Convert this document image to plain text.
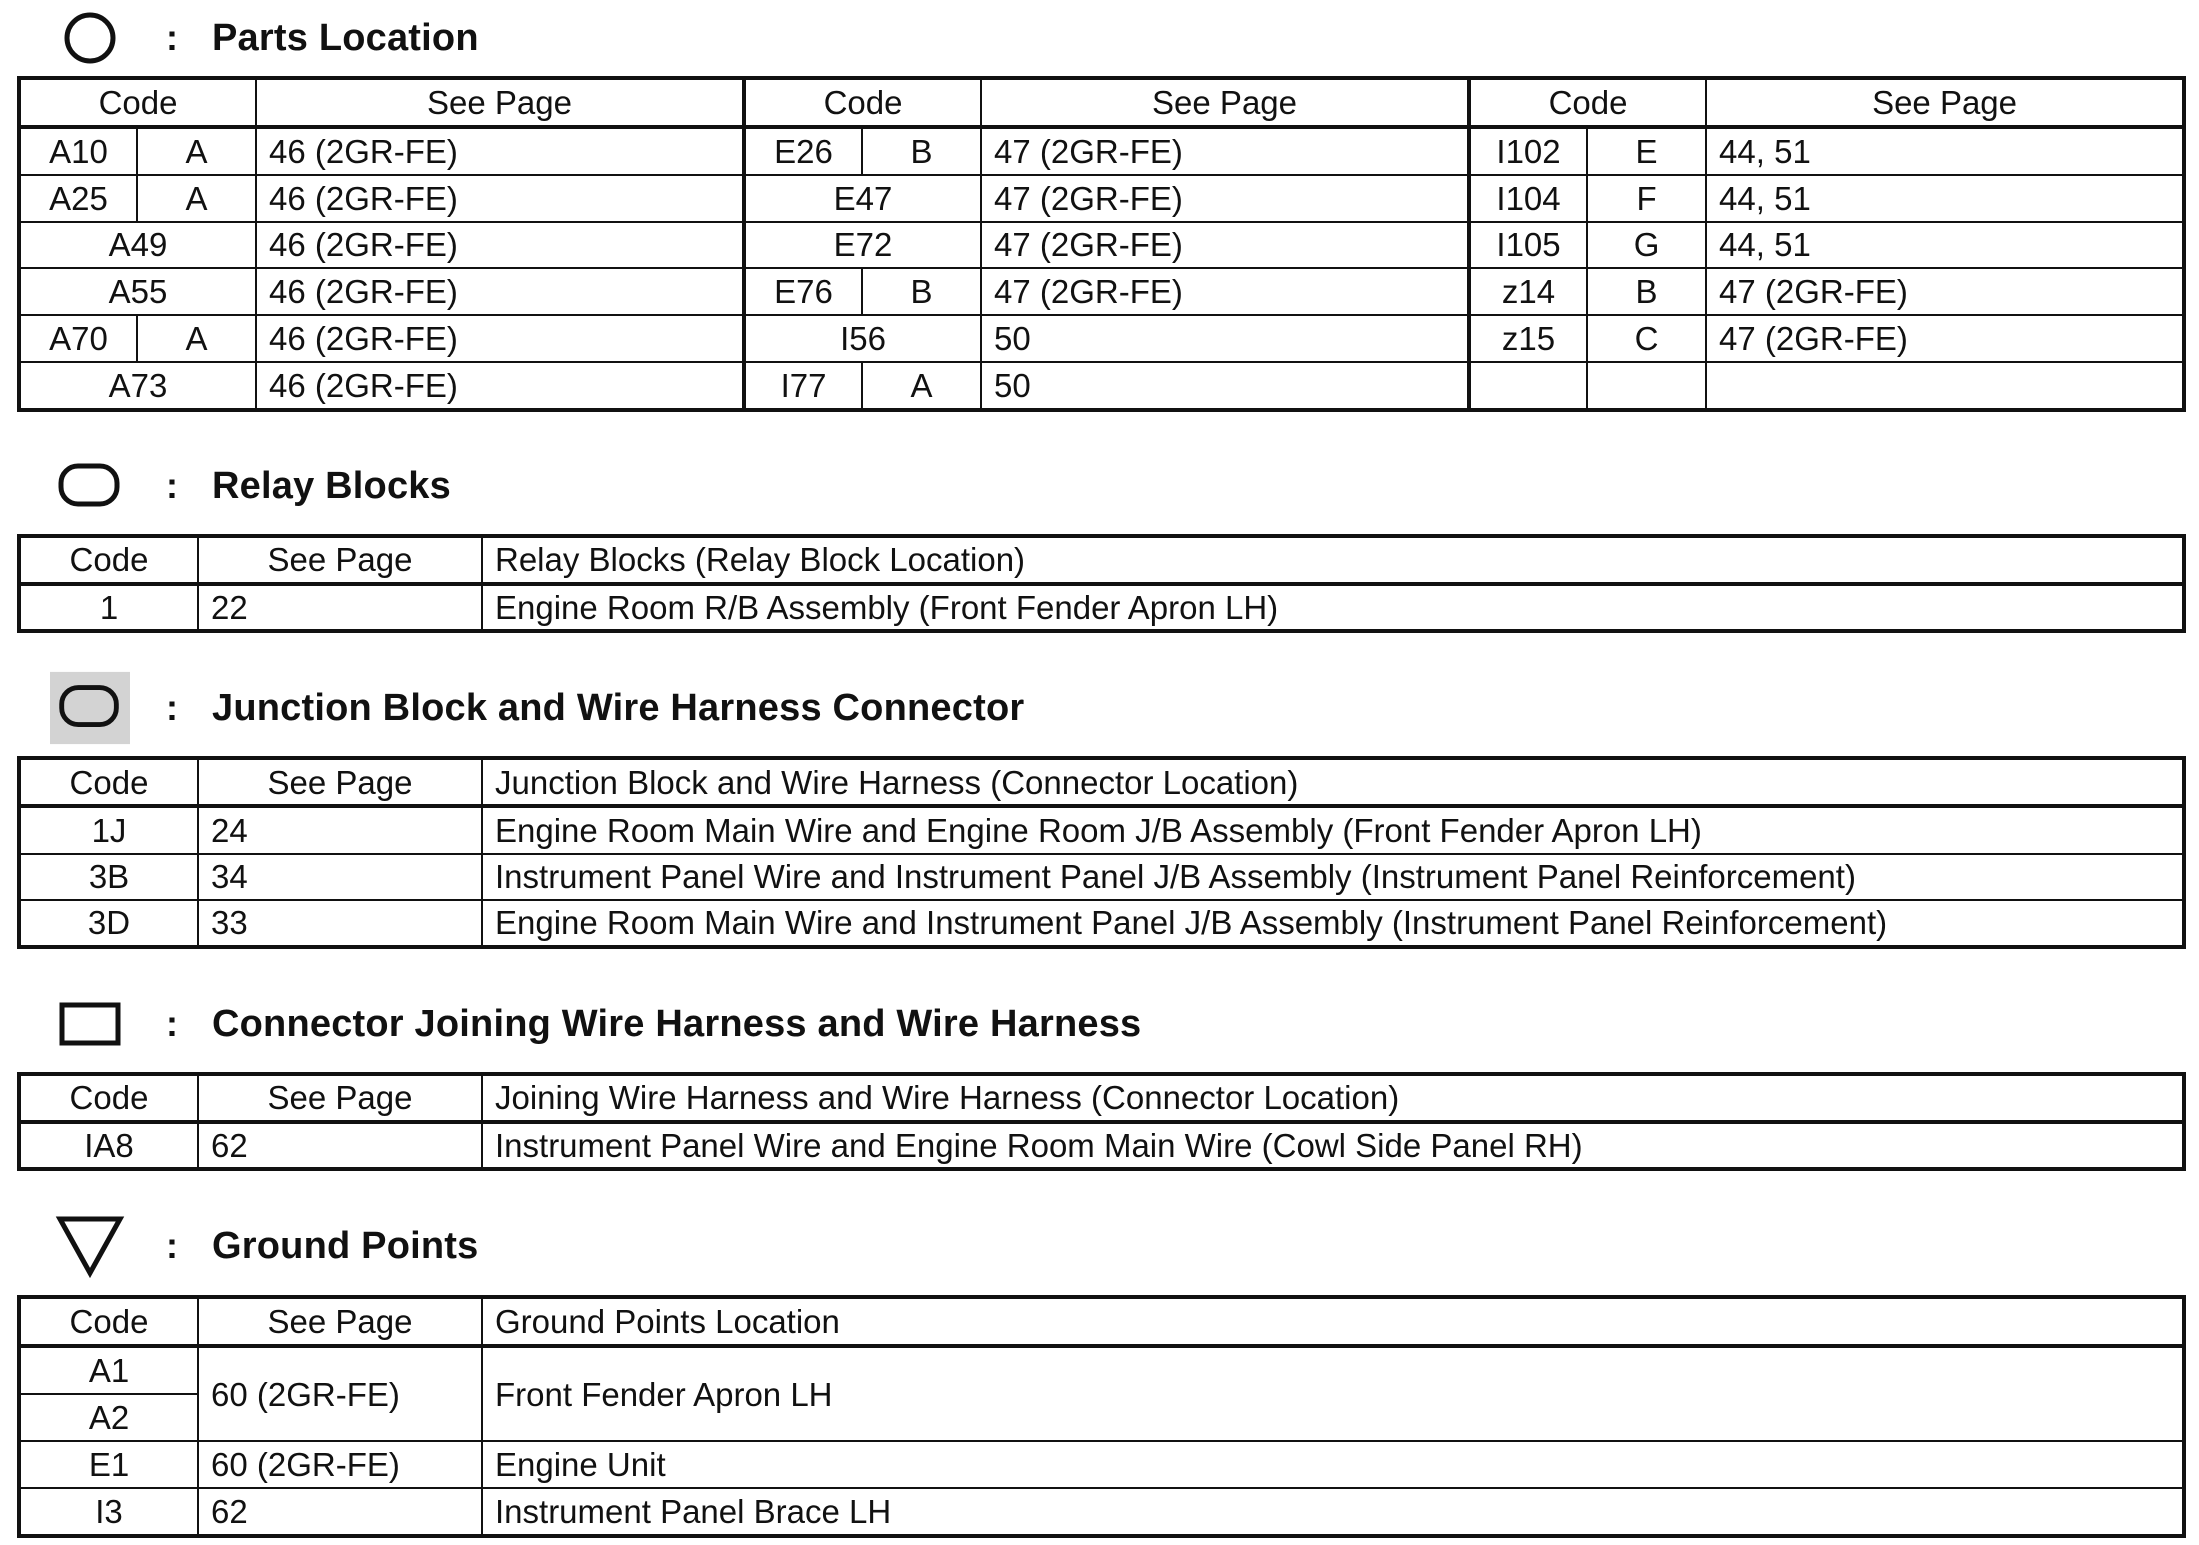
: Parts Location
Code		See Page	Code		See Page	Code		See Page
A10	A	46 (2GR-FE)	E26	B	47 (2GR-FE)	I102	E	44, 51
A25	A	46 (2GR-FE)	E47		47 (2GR-FE)	I104	F	44, 51
A49		46 (2GR-FE)	E72		47 (2GR-FE)	I105	G	44, 51
A55		46 (2GR-FE)	E76	B	47 (2GR-FE)	z14	B	47 (2GR-FE)
A70	A	46 (2GR-FE)	I56		50	z15	C	47 (2GR-FE)
A73		46 (2GR-FE)	I77	A	50			
: Relay Blocks
Code	See Page	Relay Blocks (Relay Block Location)
1	22	Engine Room R/B Assembly (Front Fender Apron LH)
: Junction Block and Wire Harness Connector
Code	See Page	Junction Block and Wire Harness (Connector Location)
1J	24	Engine Room Main Wire and Engine Room J/B Assembly (Front Fender Apron LH)
3B	34	Instrument Panel Wire and Instrument Panel J/B Assembly (Instrument Panel Reinforcement)
3D	33	Engine Room Main Wire and Instrument Panel J/B Assembly (Instrument Panel Reinforcement)
: Connector Joining Wire Harness and Wire Harness
Code	See Page	Joining Wire Harness and Wire Harness (Connector Location)
IA8	62	Instrument Panel Wire and Engine Room Main Wire (Cowl Side Panel RH)
: Ground Points
Code	See Page	Ground Points Location
A1	60 (2GR-FE)	Front Fender Apron LH
A2		
E1	60 (2GR-FE)	Engine Unit
I3	62	Instrument Panel Brace LH
